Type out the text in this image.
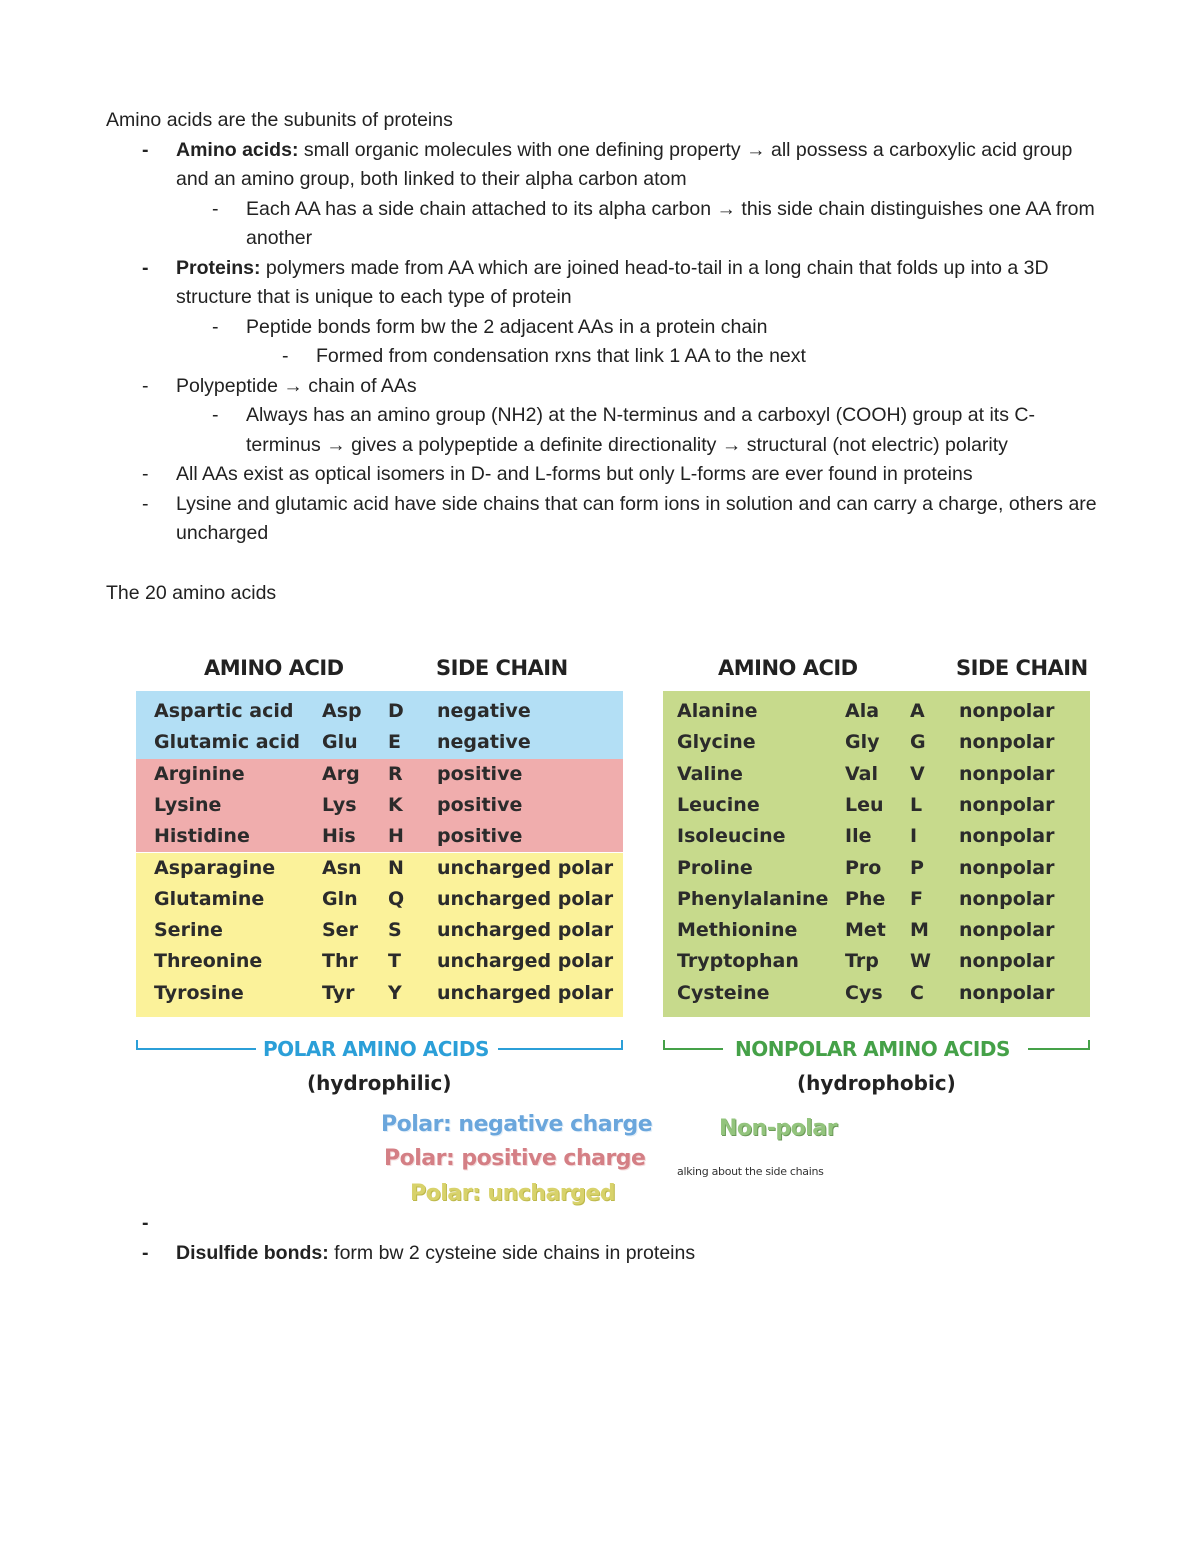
Amino acids are the subunits of proteins

- Amino acids: small organic molecules with one defining property → all possess a carboxylic acid group and an amino group, both linked to their alpha carbon atom
- Each AA has a side chain attached to its alpha carbon → this side chain distinguishes one AA from another
- Proteins: polymers made from AA which are joined head-to-tail in a long chain that folds up into a 3D structure that is unique to each type of protein
- Peptide bonds form bw the 2 adjacent AAs in a protein chain
- Formed from condensation rxns that link 1 AA to the next
- Polypeptide → chain of AAs
- Always has an amino group (NH2) at the N-terminus and a carboxyl (COOH) group at its C-terminus → gives a polypeptide a definite directionality → structural (not electric) polarity
- All AAs exist as optical isomers in D- and L-forms but only L-forms are ever found in proteins
- Lysine and glutamic acid have side chains that can form ions in solution and can carry a charge, others are uncharged

The 20 amino acids

AMINO ACID	SIDE CHAIN	AMINO ACID	SIDE CHAIN
Aspartic acid Asp D negative
Glutamic acid Glu E negative
Arginine	Arg R positive
Lysine	Lys K positive
Histidine	His H positive
Asparagine Asn N uncharged polar
Glutamine	Gln Q uncharged polar
Serine	Ser S uncharged polar
Threonine	Thr T uncharged polar
Tyrosine	Tyr Y uncharged polar
Alanine	Ala A nonpolar
Glycine	Gly G nonpolar
Valine	Val V nonpolar
Leucine	Leu L nonpolar
Isoleucine	Ile I nonpolar
Proline	Pro P nonpolar
Phenylalanine Phe F nonpolar
Methionine	Met M nonpolar
Tryptophan Trp W nonpolar
Cysteine	Cys C nonpolar
POLAR AMINO ACIDS
(hydrophilic)
NONPOLAR AMINO ACIDS
(hydrophobic)
Polar: negative charge
Polar: positive charge
Polar: uncharged
Non-polar
alking about the side chains
-

- Disulfide bonds: form bw 2 cysteine side chains in proteins
